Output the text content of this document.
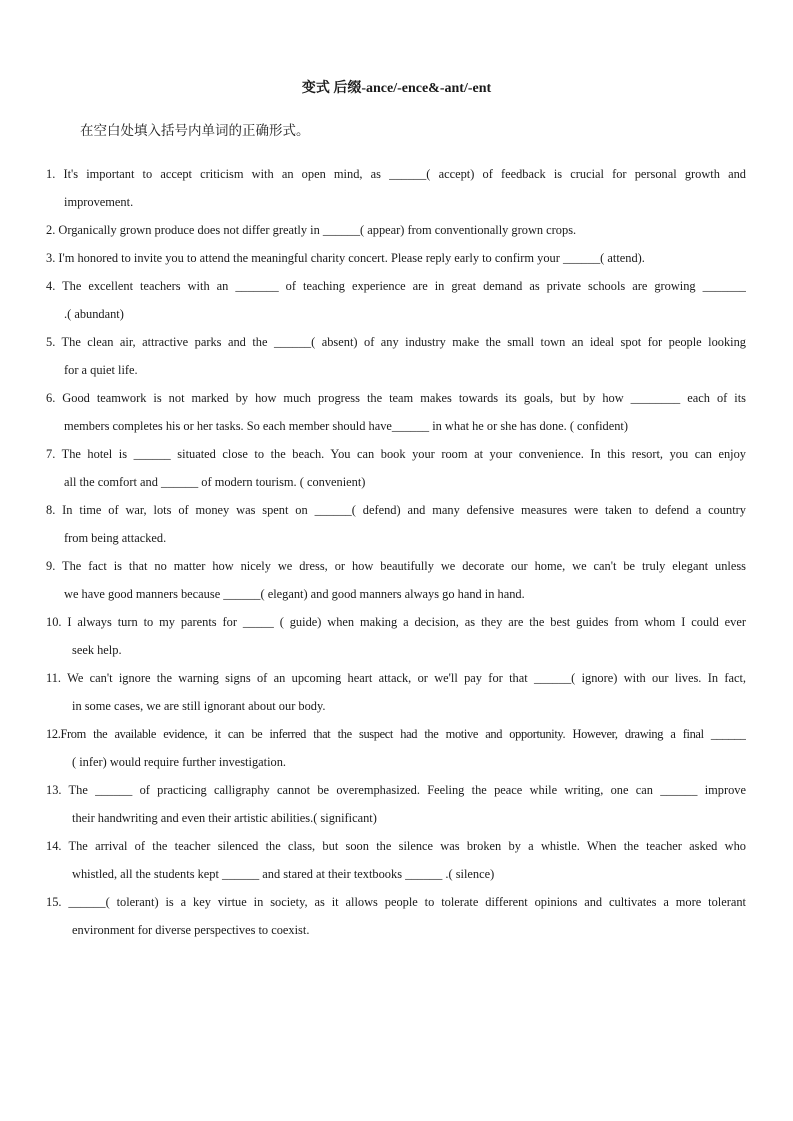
变式 后缀-ance/-ence&-ant/-ent

在空白处填入括号内单词的正确形式。

1. It's important to accept criticism with an open mind, as ______( accept) of feedback is crucial for personal growth and
improvement.
2. Organically grown produce does not differ greatly in ______( appear) from conventionally grown crops.
3. I'm honored to invite you to attend the meaningful charity concert. Please reply early to confirm your ______( attend).
4. The excellent teachers with an _______ of teaching experience are in great demand as private schools are growing _______
.( abundant)
5. The clean air, attractive parks and the ______( absent) of any industry make the small town an ideal spot for people looking
for a quiet life.
6. Good teamwork is not marked by how much progress the team makes towards its goals, but by how ________ each of its
members completes his or her tasks. So each member should have______ in what he or she has done. ( confident)
7. The hotel is ______ situated close to the beach. You can book your room at your convenience. In this resort, you can enjoy
all the comfort and ______ of modern tourism. ( convenient)
8. In time of war, lots of money was spent on ______( defend) and many defensive measures were taken to defend a country
from being attacked.
9. The fact is that no matter how nicely we dress, or how beautifully we decorate our home, we can't be truly elegant unless
we have good manners because ______( elegant) and good manners always go hand in hand.
10. I always turn to my parents for _____ ( guide) when making a decision, as they are the best guides from whom I could ever
seek help.
11. We can't ignore the warning signs of an upcoming heart attack, or we'll pay for that ______( ignore) with our lives. In fact,
in some cases, we are still ignorant about our body.
12.From the available evidence, it can be inferred that the suspect had the motive and opportunity. However, drawing a final ______
( infer) would require further investigation.
13. The ______ of practicing calligraphy cannot be overemphasized. Feeling the peace while writing, one can ______ improve
their handwriting and even their artistic abilities.( significant)
14. The arrival of the teacher silenced the class, but soon the silence was broken by a whistle. When the teacher asked who
whistled, all the students kept ______ and stared at their textbooks ______ .( silence)
15. ______( tolerant) is a key virtue in society, as it allows people to tolerate different opinions and cultivates a more tolerant
environment for diverse perspectives to coexist.
